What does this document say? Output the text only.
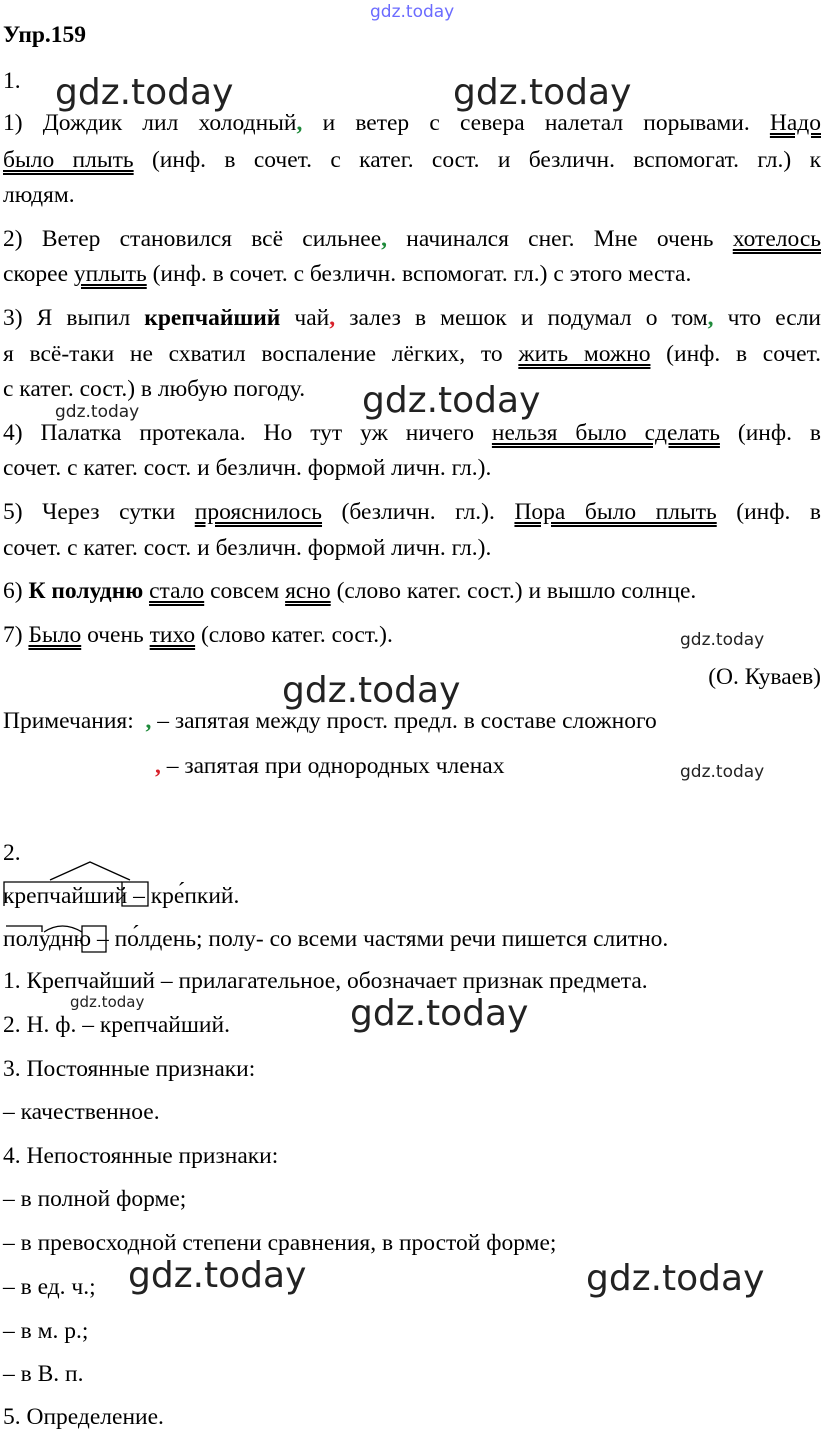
gdz.today
gdz.today	gdz.today
gdz.today
gdz.today
gdz.today
gdz.today
gdz.today
gdz.today	gdz.today
gdz.today	gdz.today
Упр.159
1.
1) Дождик лил холодный, и ветер с севера налетал порывами. Надо
было плыть (инф. в сочет. с катег. сост. и безличн. вспомогат. гл.) к
людям.
2) Ветер становился всё сильнее, начинался снег. Мне очень хотелось
скорее уплыть (инф. в сочет. с безличн. вспомогат. гл.) с этого места.
3) Я выпил крепчайший чай, залез в мешок и подумал о том, что если
я всё-таки не схватил воспаление лёгких, то жить можно (инф. в сочет.
с катег. сост.) в любую погоду.
4) Палатка протекала. Но тут уж ничего нельзя было сделать (инф. в
сочет. с катег. сост. и безличн. формой личн. гл.).
5) Через сутки прояснилось (безличн. гл.). Пора было плыть (инф. в
сочет. с катег. сост. и безличн. формой личн. гл.).
6) К полудню стало совсем ясно (слово катег. сост.) и вышло солнце.
7) Было очень тихо (слово катег. сост.).
(О. Куваев)
Примечания: , – запятая между прост. предл. в составе сложного
, – запятая при однородных членах
2.
крепчайший – кре́пкий.
полудню – по́лдень; полу- со всеми частями речи пишется слитно.
1. Крепчайший – прилагательное, обозначает признак предмета.
2. Н. ф. – крепчайший.
3. Постоянные признаки:
– качественное.
4. Непостоянные признаки:
– в полной форме;
– в превосходной степени сравнения, в простой форме;
– в ед. ч.;
– в м. р.;
– в В. п.
5. Определение.
